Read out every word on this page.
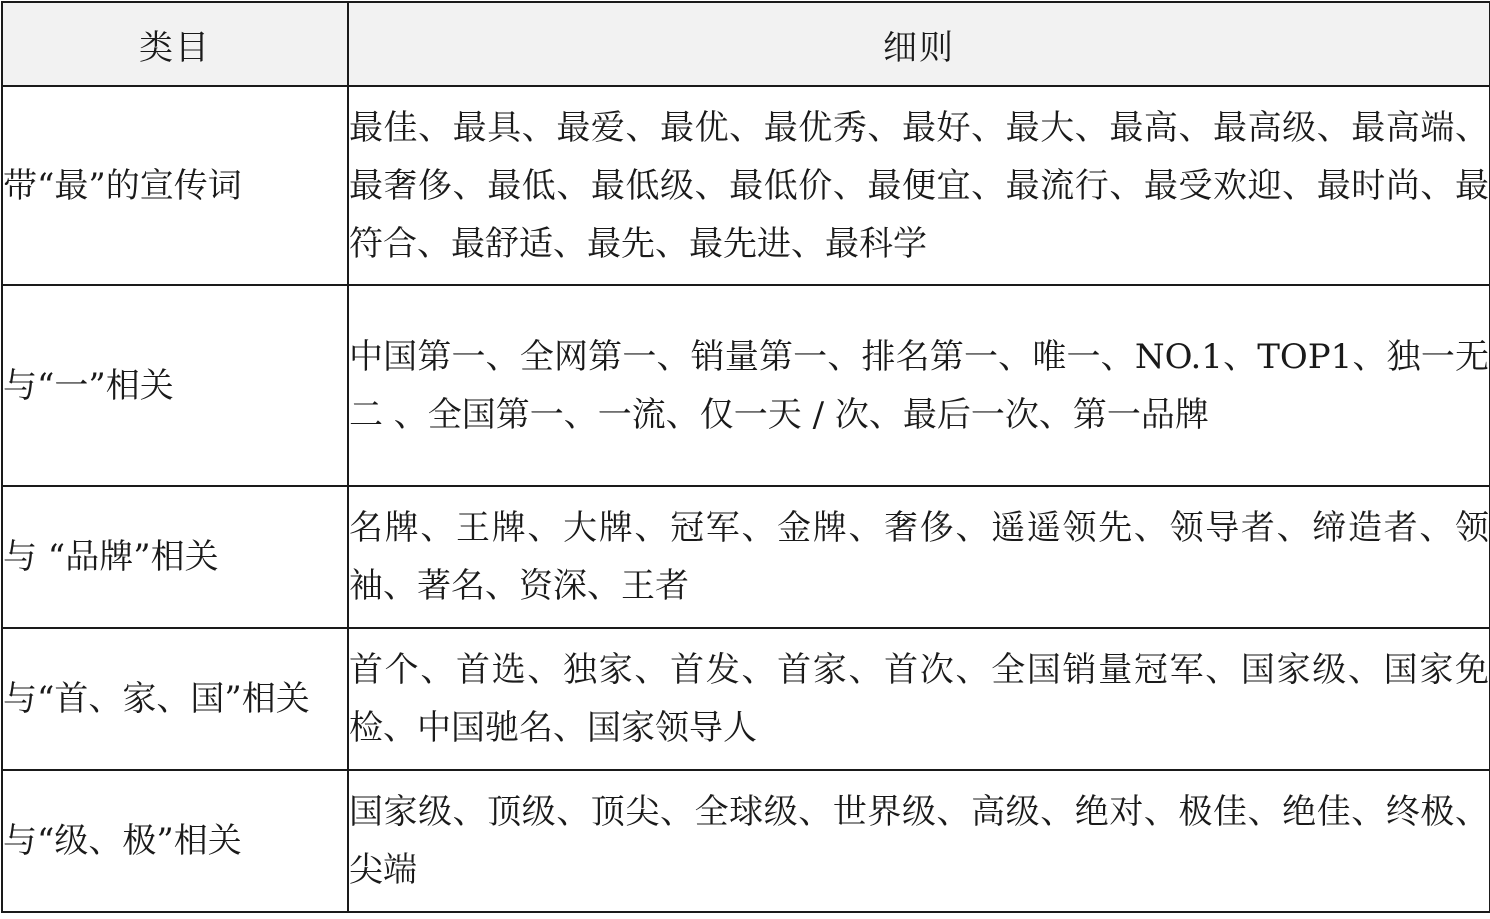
类目	细则
带“最”的宣传词	最佳、最具、最爱、最优、最优秀、最好、最大、最高、最高级、最高端、最奢侈、最低、最低级、最低价、最便宜、最流行、最受欢迎、最时尚、最符合、最舒适、最先、最先进、最科学
与“一”相关	中国第一、全网第一、销量第一、排名第一、唯一、NO.1、TOP1、独一无二 、全国第一、一流、仅一天 / 次、最后一次、第一品牌
与 “品牌”相关	名牌、王牌、大牌、冠军、金牌、奢侈、遥遥领先、领导者、缔造者、领袖、著名、资深、王者
与“首、家、国”相关	首个、首选、独家、首发、首家、首次、全国销量冠军、国家级、国家免检、中国驰名、国家领导人
与“级、极”相关	国家级、顶级、顶尖、全球级、世界级、高级、绝对、极佳、绝佳、终极、尖端
